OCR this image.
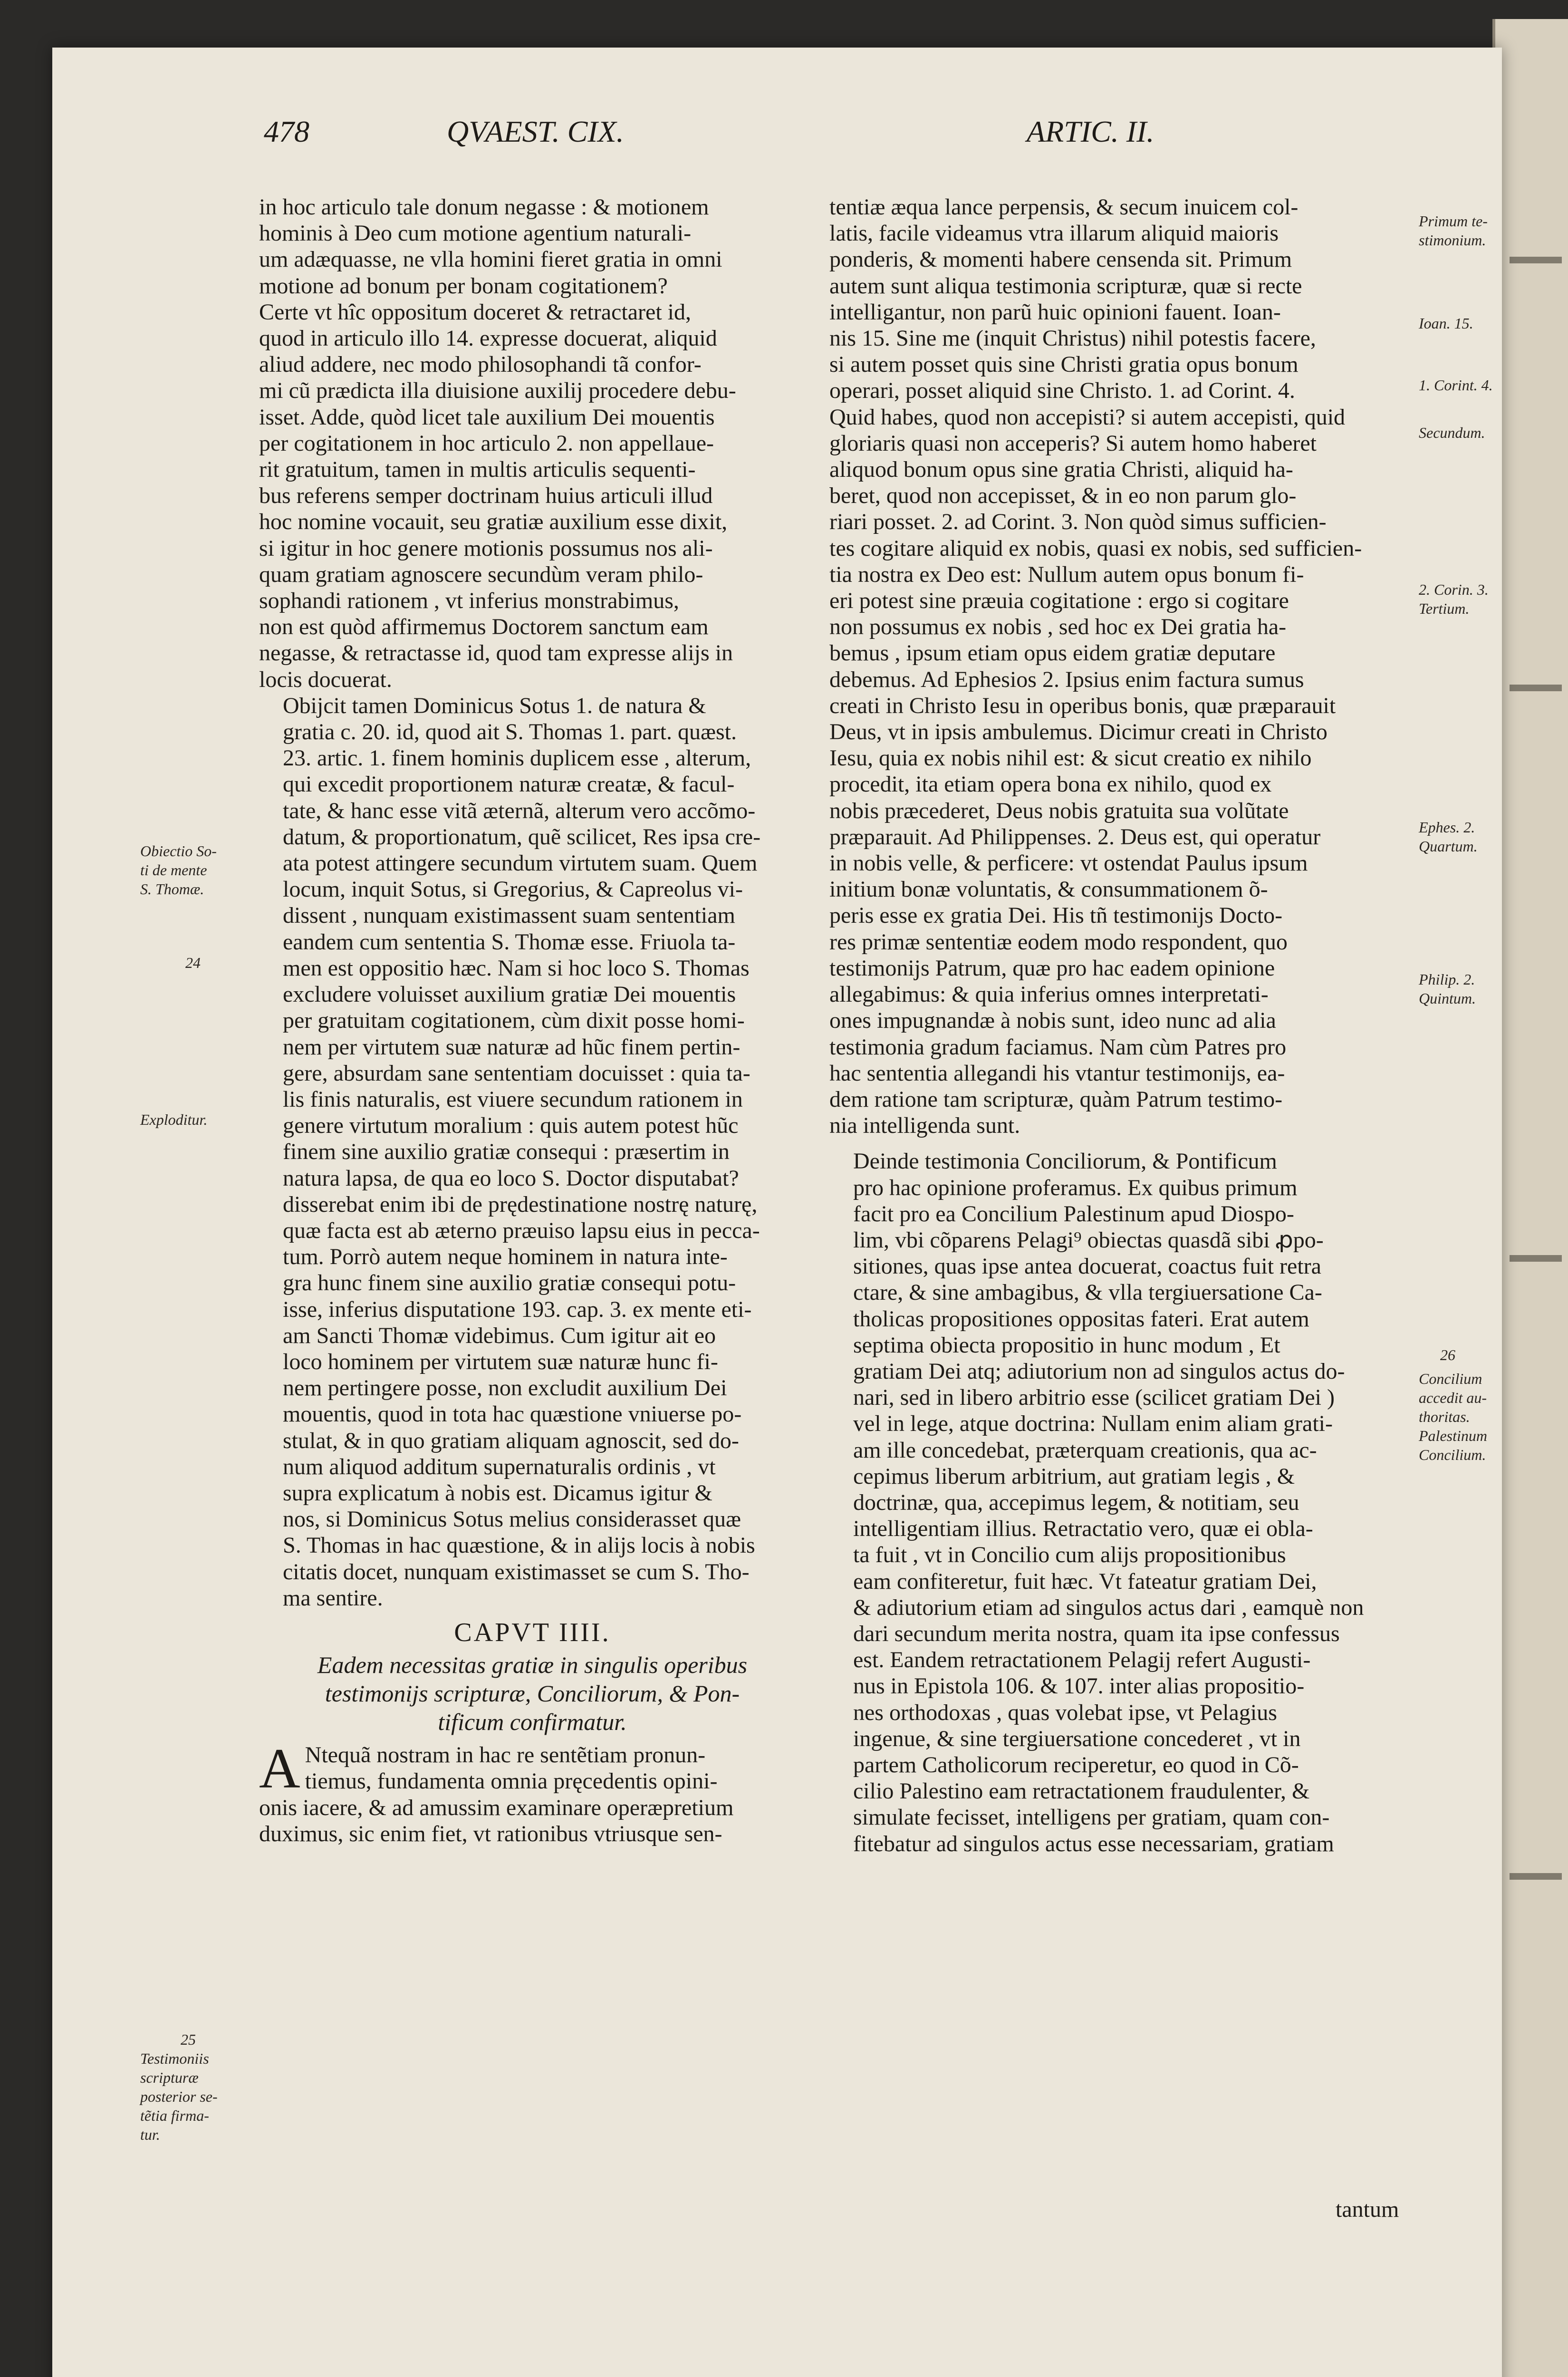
478	QVAEST. CIX.	ARTIC. II.

in hoc articulo tale donum negasse : & motionem
hominis à Deo cum motione agentium naturali-
um adæquasse, ne vlla homini fieret gratia in omni
motione ad bonum per bonam cogitationem?
Certe vt hîc oppositum doceret & retractaret id,
quod in articulo illo 14. expresse docuerat, aliquid
aliud addere, nec modo philosophandi tã confor-
mi cũ prædicta illa diuisione auxilij procedere debu-
isset. Adde, quòd licet tale auxilium Dei mouentis
per cogitationem in hoc articulo 2. non appellaue-
rit gratuitum, tamen in multis articulis sequenti-
bus referens semper doctrinam huius articuli illud
hoc nomine vocauit, seu gratiæ auxilium esse dixit,
si igitur in hoc genere motionis possumus nos ali-
quam gratiam agnoscere secundùm veram philo-
sophandi rationem , vt inferius monstrabimus,
non est quòd affirmemus Doctorem sanctum eam
negasse, & retractasse id, quod tam expresse alijs in
locis docuerat.

Obijcit tamen Dominicus Sotus 1. de natura &
gratia c. 20. id, quod ait S. Thomas 1. part. quæst.
23. artic. 1. finem hominis duplicem esse , alterum,
qui excedit proportionem naturæ creatæ, & facul-
tate, & hanc esse vitã æternã, alterum vero accõmo-
datum, & proportionatum, quẽ scilicet, Res ipsa cre-
ata potest attingere secundum virtutem suam. Quem
locum, inquit Sotus, si Gregorius, & Capreolus vi-
dissent , nunquam existimassent suam sententiam
eandem cum sententia S. Thomæ esse. Friuola ta-
men est oppositio hæc. Nam si hoc loco S. Thomas
excludere voluisset auxilium gratiæ Dei mouentis
per gratuitam cogitationem, cùm dixit posse homi-
nem per virtutem suæ naturæ ad hũc finem pertin-
gere, absurdam sane sententiam docuisset : quia ta-
lis finis naturalis, est viuere secundum rationem in
genere virtutum moralium : quis autem potest hũc
finem sine auxilio gratiæ consequi : præsertim in
natura lapsa, de qua eo loco S. Doctor disputabat?
disserebat enim ibi de prędestinatione nostrę naturę,
quæ facta est ab æterno præuiso lapsu eius in pecca-
tum. Porrò autem neque hominem in natura inte-
gra hunc finem sine auxilio gratiæ consequi potu-
isse, inferius disputatione 193. cap. 3. ex mente eti-
am Sancti Thomæ videbimus. Cum igitur ait eo
loco hominem per virtutem suæ naturæ hunc fi-
nem pertingere posse, non excludit auxilium Dei
mouentis, quod in tota hac quæstione vniuerse po-
stulat, & in quo gratiam aliquam agnoscit, sed do-
num aliquod additum supernaturalis ordinis , vt
supra explicatum à nobis est. Dicamus igitur &
nos, si Dominicus Sotus melius considerasset quæ
S. Thomas in hac quæstione, & in alijs locis à nobis
citatis docet, nunquam existimasset se cum S. Tho-
ma sentire.

CAPVT IIII.
Eadem necessitas gratiæ in singulis operibus
testimonijs scripturæ, Conciliorum, & Pon-
tificum confirmatur.

A Ntequã nostram in hac re sentẽtiam pronun-
tiemus, fundamenta omnia pręcedentis opini-
onis iacere, & ad amussim examinare operæpretium
duximus, sic enim fiet, vt rationibus vtriusque sen-

tentiæ æqua lance perpensis, & secum inuicem col-
latis, facile videamus vtra illarum aliquid maioris
ponderis, & momenti habere censenda sit. Primum
autem sunt aliqua testimonia scripturæ, quæ si recte
intelligantur, non parũ huic opinioni fauent. Ioan-
nis 15. Sine me (inquit Christus) nihil potestis facere,
si autem posset quis sine Christi gratia opus bonum
operari, posset aliquid sine Christo. 1. ad Corint. 4.
Quid habes, quod non accepisti? si autem accepisti, quid
gloriaris quasi non acceperis? Si autem homo haberet
aliquod bonum opus sine gratia Christi, aliquid ha-
beret, quod non accepisset, & in eo non parum glo-
riari posset. 2. ad Corint. 3. Non quòd simus sufficien-
tes cogitare aliquid ex nobis, quasi ex nobis, sed sufficien-
tia nostra ex Deo est: Nullum autem opus bonum fi-
eri potest sine præuia cogitatione : ergo si cogitare
non possumus ex nobis , sed hoc ex Dei gratia ha-
bemus , ipsum etiam opus eidem gratiæ deputare
debemus. Ad Ephesios 2. Ipsius enim factura sumus
creati in Christo Iesu in operibus bonis, quæ præparauit
Deus, vt in ipsis ambulemus. Dicimur creati in Christo
Iesu, quia ex nobis nihil est: & sicut creatio ex nihilo
procedit, ita etiam opera bona ex nihilo, quod ex
nobis præcederet, Deus nobis gratuita sua volũtate
præparauit. Ad Philippenses. 2. Deus est, qui operatur
in nobis velle, & perficere: vt ostendat Paulus ipsum
initium bonæ voluntatis, & consummationem õ-
peris esse ex gratia Dei. His tñ testimonijs Docto-
res primæ sententiæ eodem modo respondent, quo
testimonijs Patrum, quæ pro hac eadem opinione
allegabimus: & quia inferius omnes interpretati-
ones impugnandæ à nobis sunt, ideo nunc ad alia
testimonia gradum faciamus. Nam cùm Patres pro
hac sententia allegandi his vtantur testimonijs, ea-
dem ratione tam scripturæ, quàm Patrum testimo-
nia intelligenda sunt.

Deinde testimonia Conciliorum, & Pontificum
pro hac opinione proferamus. Ex quibus primum
facit pro ea Concilium Palestinum apud Diospo-
lim, vbi cõparens Pelagi⁹ obiectas quasdã sibi ꝓpo-
sitiones, quas ipse antea docuerat, coactus fuit retra
ctare, & sine ambagibus, & vlla tergiuersatione Ca-
tholicas propositiones oppositas fateri. Erat autem
septima obiecta propositio in hunc modum , Et
gratiam Dei atq; adiutorium non ad singulos actus do-
nari, sed in libero arbitrio esse (scilicet gratiam Dei )
vel in lege, atque doctrina: Nullam enim aliam grati-
am ille concedebat, præterquam creationis, qua ac-
cepimus liberum arbitrium, aut gratiam legis , &
doctrinæ, qua, accepimus legem, & notitiam, seu
intelligentiam illius. Retractatio vero, quæ ei obla-
ta fuit , vt in Concilio cum alijs propositionibus
eam confiteretur, fuit hæc. Vt fateatur gratiam Dei,
& adiutorium etiam ad singulos actus dari , eamquè non
dari secundum merita nostra, quam ita ipse confessus
est. Eandem retractationem Pelagij refert Augusti-
nus in Epistola 106. & 107. inter alias propositio-
nes orthodoxas , quas volebat ipse, vt Pelagius
ingenue, & sine tergiuersatione concederet , vt in
partem Catholicorum reciperetur, eo quod in Cõ-
cilio Palestino eam retractationem fraudulenter, &
simulate fecisset, intelligens per gratiam, quam con-
fitebatur ad singulos actus esse necessariam, gratiam

tantum
Obiectio So-
ti de mente
S. Thomæ.
24
Exploditur.
25
Testimoniis
scripturæ
posterior se-
tẽtia firma-
tur.
Primum te-
stimonium.
Ioan. 15.
1. Corint. 4.
Secundum.
2. Corin. 3.
Tertium.
Ephes. 2.
Quartum.
Philip. 2.
Quintum.
26
Concilium
accedit au-
thoritas.
Palestinum
Concilium.
